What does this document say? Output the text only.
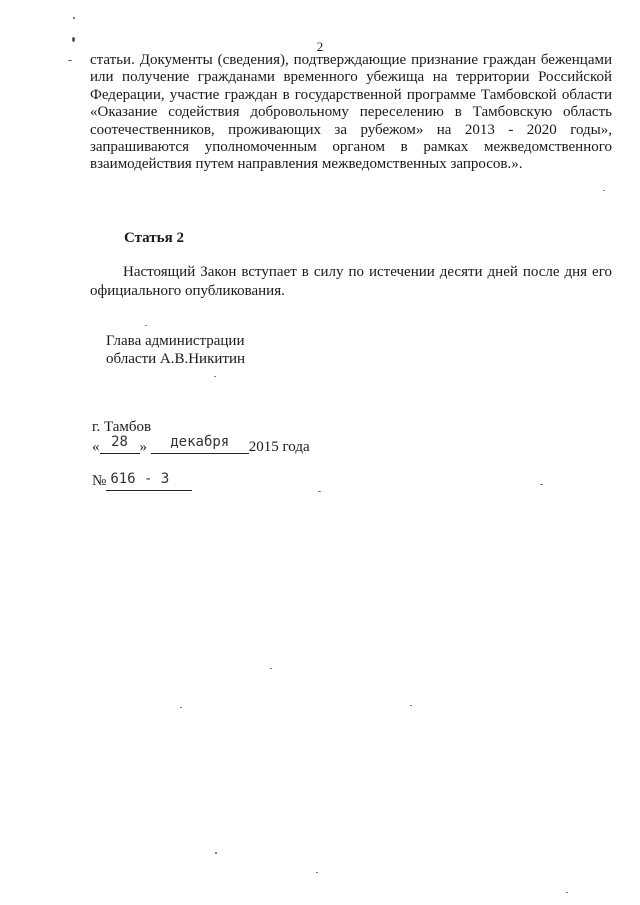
2

статьи. Документы (сведения), подтверждающие признание граждан беженцами или получение гражданами временного убежища на территории Российской Федерации, участие граждан в государственной программе Тамбовской области «Оказание содействия добровольному переселению в Тамбовскую область соотечественников, проживающих за рубежом» на 2013 - 2020 годы», запрашиваются уполномоченным органом в рамках межведомственного взаимодействия путем направления межведомственных запросов.».

Статья 2

Настоящий Закон вступает в силу по истечении десяти дней после дня его официального опубликования.

Глава администрации
области А.В.Никитин
г. Тамбов
« 28 » декабря 2015 года
№ 616 - 3
